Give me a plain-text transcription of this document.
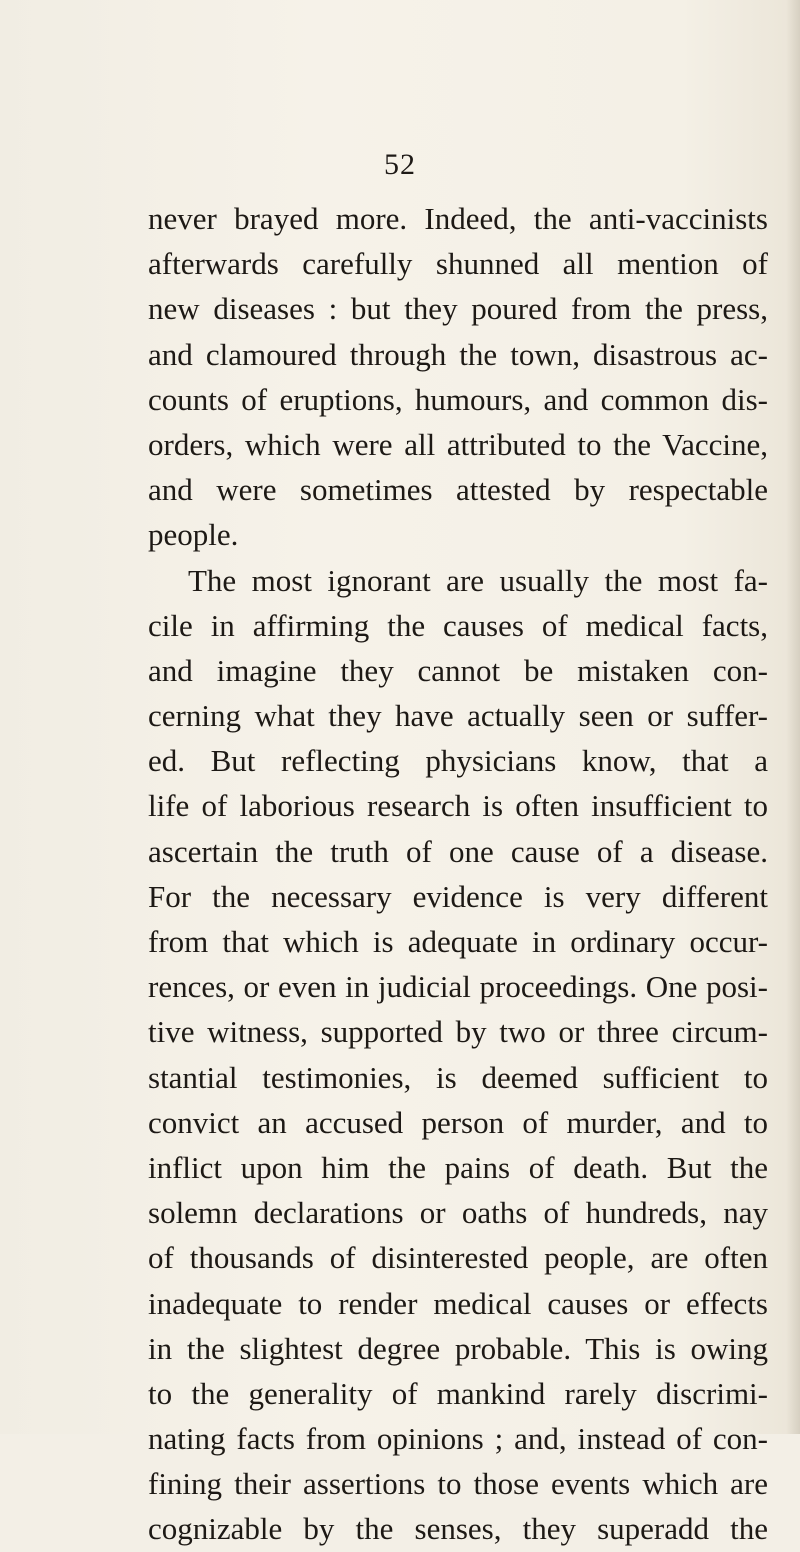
52
never brayed more. Indeed, the anti-vaccinists
afterwards carefully shunned all mention of
new diseases : but they poured from the press,
and clamoured through the town, disastrous ac-
counts of eruptions, humours, and common dis-
orders, which were all attributed to the Vaccine,
and were sometimes attested by respectable
people.
The most ignorant are usually the most fa-
cile in affirming the causes of medical facts,
and imagine they cannot be mistaken con-
cerning what they have actually seen or suffer-
ed. But reflecting physicians know, that a
life of laborious research is often insufficient to
ascertain the truth of one cause of a disease.
For the necessary evidence is very different
from that which is adequate in ordinary occur-
rences, or even in judicial proceedings. One posi-
tive witness, supported by two or three circum-
stantial testimonies, is deemed sufficient to
convict an accused person of murder, and to
inflict upon him the pains of death. But the
solemn declarations or oaths of hundreds, nay
of thousands of disinterested people, are often
inadequate to render medical causes or effects
in the slightest degree probable. This is owing
to the generality of mankind rarely discrimi-
nating facts from opinions ; and, instead of con-
fining their assertions to those events which are
cognizable by the senses, they superadd the
